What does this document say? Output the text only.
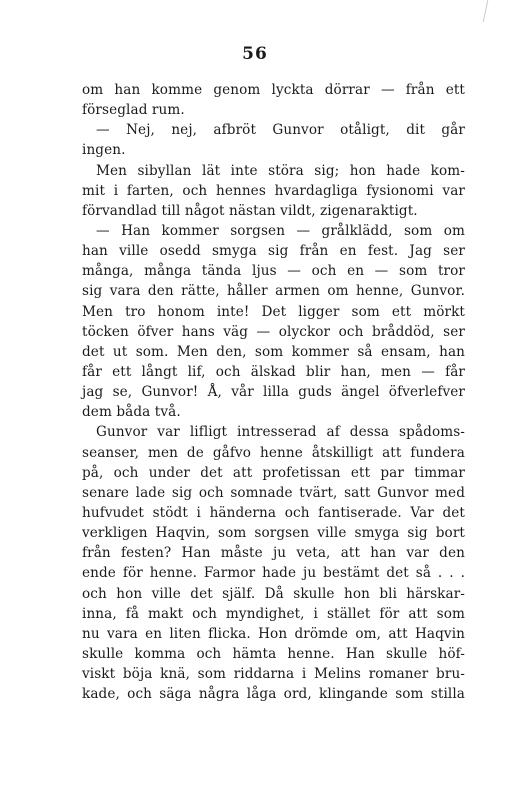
56
om han komme genom lyckta dörrar — från ett
förseglad rum.
— Nej, nej, afbröt Gunvor otåligt, dit går
ingen.
Men sibyllan lät inte störa sig; hon hade kom-
mit i farten, och hennes hvardagliga fysionomi var
förvandlad till något nästan vildt, zigenaraktigt.
— Han kommer sorgsen — grålklädd, som om
han ville osedd smyga sig från en fest. Jag ser
många, många tända ljus — och en — som tror
sig vara den rätte, håller armen om henne, Gunvor.
Men tro honom inte! Det ligger som ett mörkt
töcken öfver hans väg — olyckor och bråddöd, ser
det ut som. Men den, som kommer så ensam, han
får ett långt lif, och älskad blir han, men — får
jag se, Gunvor! Å, vår lilla guds ängel öfverlefver
dem båda två.
Gunvor var lifligt intresserad af dessa spådoms-
seanser, men de gåfvo henne åtskilligt att fundera
på, och under det att profetissan ett par timmar
senare lade sig och somnade tvärt, satt Gunvor med
hufvudet stödt i händerna och fantiserade. Var det
verkligen Haqvin, som sorgsen ville smyga sig bort
från festen? Han måste ju veta, att han var den
ende för henne. Farmor hade ju bestämt det så . . .
och hon ville det själf. Då skulle hon bli härskar-
inna, få makt och myndighet, i stället för att som
nu vara en liten flicka. Hon drömde om, att Haqvin
skulle komma och hämta henne. Han skulle höf-
viskt böja knä, som riddarna i Melins romaner bru-
kade, och säga några låga ord, klingande som stilla
